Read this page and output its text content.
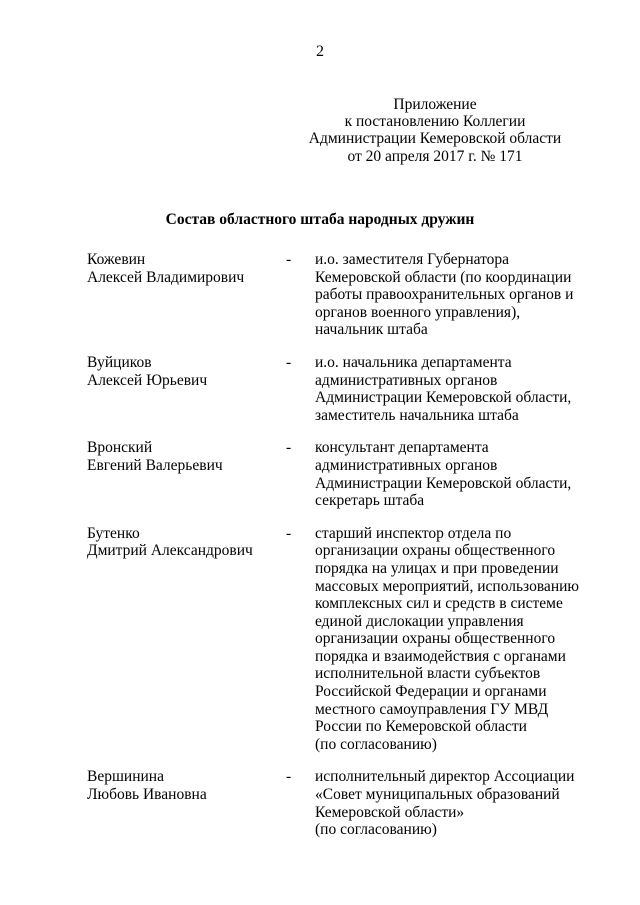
2
Приложение
к постановлению Коллегии
Администрации Кемеровской области
от 20 апреля 2017 г. № 171
Состав областного штаба народных дружин
Кожевин
Алексей Владимирович
- и.о. заместителя Губернатора
Кемеровской области (по координации
работы правоохранительных органов и
органов военного управления),
начальник штаба
Вуйциков
Алексей Юрьевич
- и.о. начальника департамента
административных органов
Администрации Кемеровской области,
заместитель начальника штаба
Вронский
Евгений Валерьевич
- консультант департамента
административных органов
Администрации Кемеровской области,
секретарь штаба
Бутенко
Дмитрий Александрович
- старший инспектор отдела по
организации охраны общественного
порядка на улицах и при проведении
массовых мероприятий, использованию
комплексных сил и средств в системе
единой дислокации управления
организации охраны общественного
порядка и взаимодействия с органами
исполнительной власти субъектов
Российской Федерации и органами
местного самоуправления ГУ МВД
России по Кемеровской области
(по согласованию)
Вершинина
Любовь Ивановна
- исполнительный директор Ассоциации
«Совет муниципальных образований
Кемеровской области»
(по согласованию)
